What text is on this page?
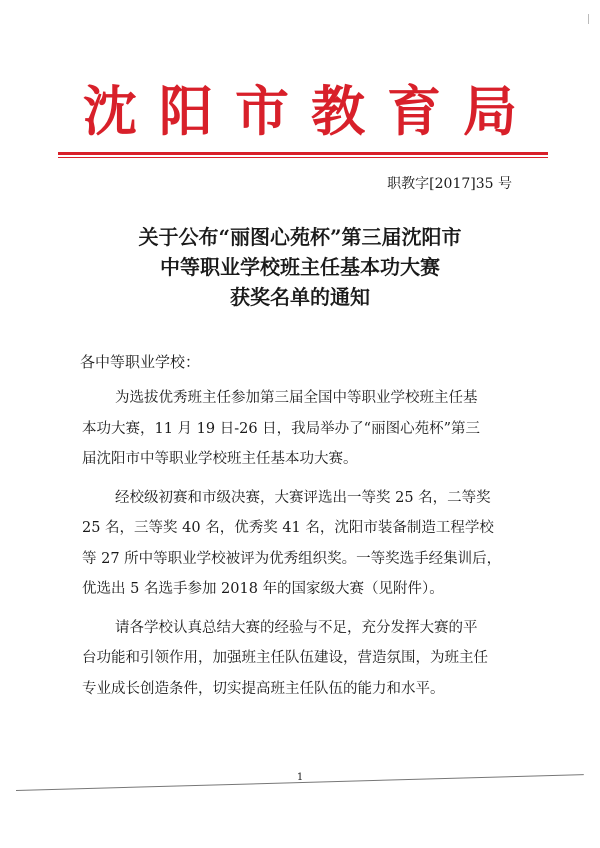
沈阳市教育局
职教字[2017]35 号
关于公布“丽图心苑杯”第三届沈阳市
中等职业学校班主任基本功大赛
获奖名单的通知
各中等职业学校：
为选拔优秀班主任参加第三届全国中等职业学校班主任基
本功大赛，11 月 19 日-26 日，我局举办了“丽图心苑杯”第三
届沈阳市中等职业学校班主任基本功大赛。
经校级初赛和市级决赛，大赛评选出一等奖 25 名，二等奖
25 名，三等奖 40 名，优秀奖 41 名，沈阳市装备制造工程学校
等 27 所中等职业学校被评为优秀组织奖。一等奖选手经集训后，
优选出 5 名选手参加 2018 年的国家级大赛（见附件）。
请各学校认真总结大赛的经验与不足，充分发挥大赛的平
台功能和引领作用，加强班主任队伍建设，营造氛围，为班主任
专业成长创造条件，切实提高班主任队伍的能力和水平。
1
